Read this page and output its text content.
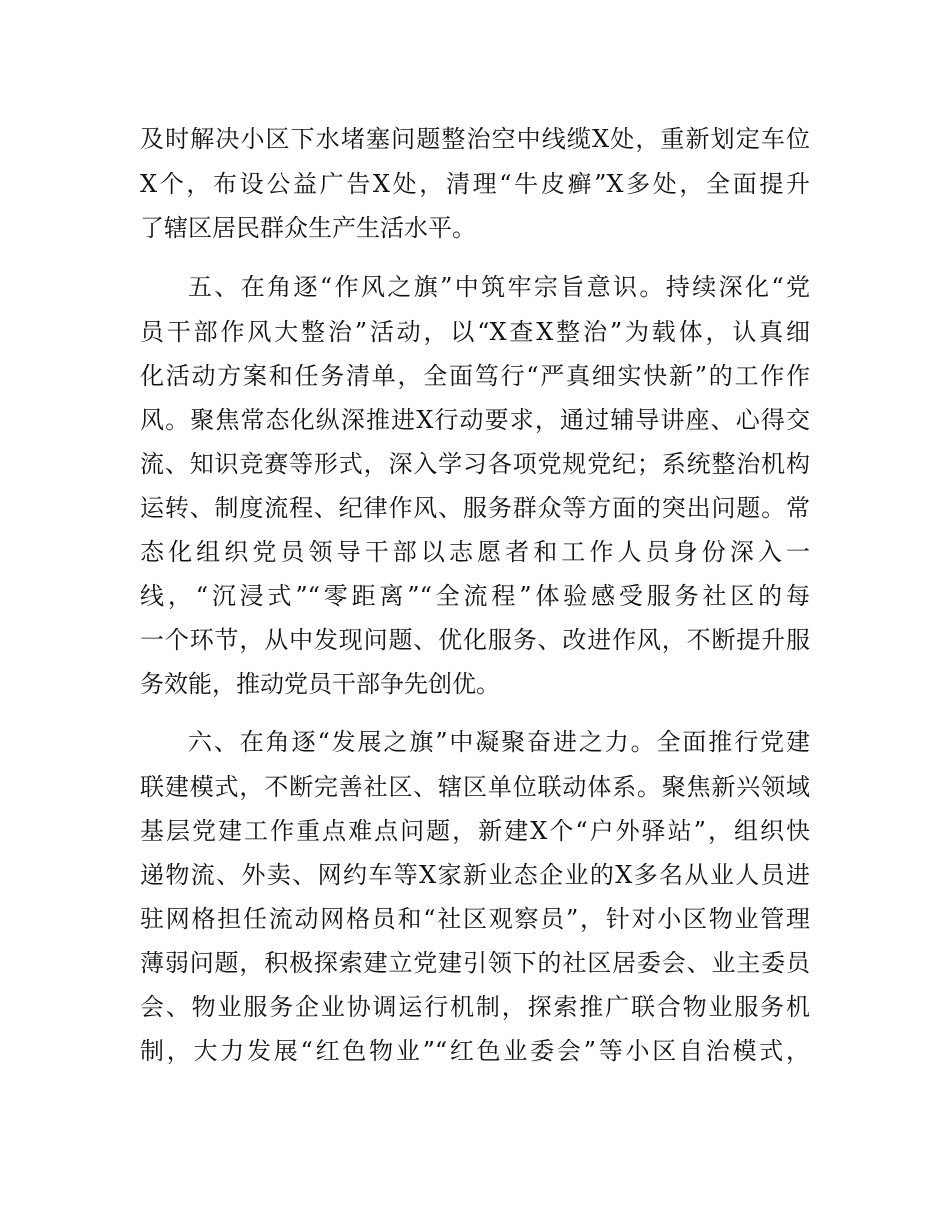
及时解决小区下水堵塞问题整治空中线缆X处，重新划定车位
X个，布设公益广告X处，清理“牛皮癣”X多处，全面提升
了辖区居民群众生产生活水平。
五、在角逐“作风之旗”中筑牢宗旨意识。持续深化“党
员干部作风大整治”活动，以“X查X整治”为载体，认真细
化活动方案和任务清单，全面笃行“严真细实快新”的工作作
风。聚焦常态化纵深推进X行动要求，通过辅导讲座、心得交
流、知识竞赛等形式，深入学习各项党规党纪；系统整治机构
运转、制度流程、纪律作风、服务群众等方面的突出问题。常
态化组织党员领导干部以志愿者和工作人员身份深入一
线，“沉浸式”“零距离”“全流程”体验感受服务社区的每
一个环节，从中发现问题、优化服务、改进作风，不断提升服
务效能，推动党员干部争先创优。
六、在角逐“发展之旗”中凝聚奋进之力。全面推行党建
联建模式，不断完善社区、辖区单位联动体系。聚焦新兴领域
基层党建工作重点难点问题，新建X个“户外驿站”，组织快
递物流、外卖、网约车等X家新业态企业的X多名从业人员进
驻网格担任流动网格员和“社区观察员”，针对小区物业管理
薄弱问题，积极探索建立党建引领下的社区居委会、业主委员
会、物业服务企业协调运行机制，探索推广联合物业服务机
制，大力发展“红色物业”“红色业委会”等小区自治模式，
